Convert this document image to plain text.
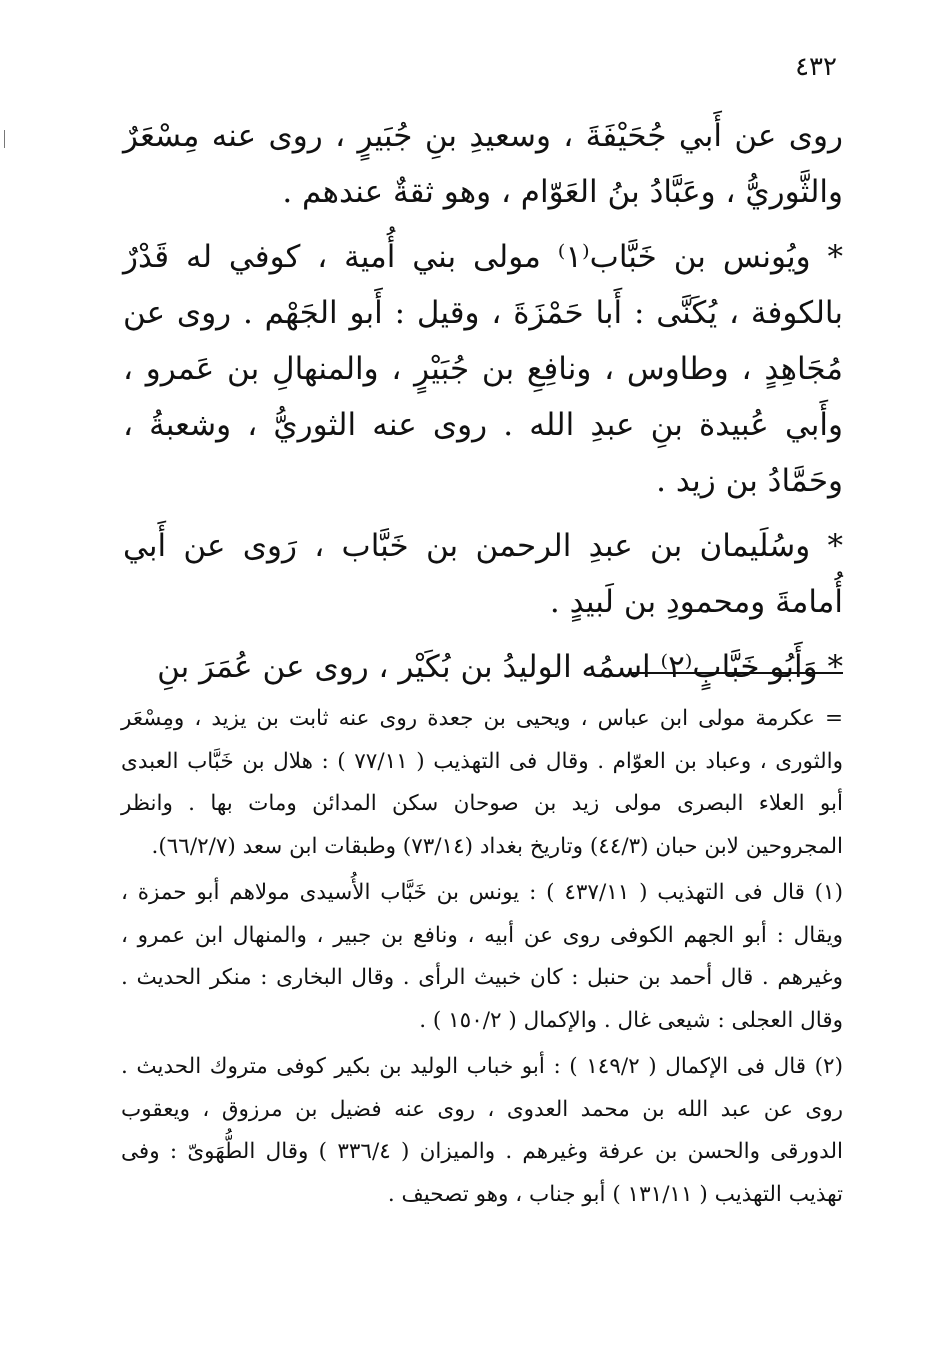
٤٣٢

روى عن أَبي جُحَيْفَةَ ، وسعيدِ بنِ جُبَيرٍ ، روى عنه مِسْعَرٌ والثَّوريُّ ، وعَبَّادُ بنُ العَوّام ، وهو ثقةٌ عندهم .

* ويُونس بن خَبَّاب⁽١⁾ مولى بني أُمية ، كوفي له قَدْرٌ بالكوفة ، يُكَنَّى : أَبا حَمْزَةَ ، وقيل : أَبو الجَهْم . روى عن مُجَاهِدٍ ، وطاوس ، ونافِعِ بن جُبَيْرٍ ، والمنهالِ بن عَمرو ، وأَبي عُبيدة بنِ عبدِ الله . روى عنه الثوريُّ ، وشعبةُ ، وحَمَّادُ بن زيد .

* وسُلَيمان بن عبدِ الرحمن بن خَبَّاب ، رَوى عن أَبي أُمامةَ ومحمودِ بن لَبيدٍ .

* وَأَبُو خَبَّابٍ⁽٢⁾ اسمُه الوليدُ بن بُكَيْر ، روى عن عُمَرَ بنِ

= عكرمة مولى ابن عباس ، ويحيى بن جعدة روى عنه ثابت بن يزيد ، ومِسْعَر والثورى ، وعباد بن العوّام . وقال فى التهذيب ( ٧٧/١١ ) : هلال بن خَبَّاب العبدى أبو العلاء البصرى مولى زيد بن صوحان سكن المدائن ومات بها . وانظر المجروحين لابن حبان (٤٤/٣) وتاريخ بغداد (٧٣/١٤) وطبقات ابن سعد (٦٦/٢/٧).

(١) قال فى التهذيب ( ٤٣٧/١١ ) : يونس بن خَبَّاب الأُسيدى مولاهم أبو حمزة ، ويقال : أبو الجهم الكوفى روى عن أبيه ، ونافع بن جبير ، والمنهال ابن عمرو ، وغيرهم . قال أحمد بن حنبل : كان خبيث الرأى . وقال البخارى : منكر الحديث . وقال العجلى : شيعى غال . والإكمال ( ١٥٠/٢ ) .

(٢) قال فى الإكمال ( ١٤٩/٢ ) : أبو خباب الوليد بن بكير كوفى متروك الحديث . روى عن عبد الله بن محمد العدوى ، روى عنه فضيل بن مرزوق ، ويعقوب الدورقى والحسن بن عرفة وغيرهم . والميزان ( ٣٣٦/٤ ) وقال الطُّهَوىّ : وفى تهذيب التهذيب ( ١٣١/١١ ) أبو جناب ، وهو تصحيف .
